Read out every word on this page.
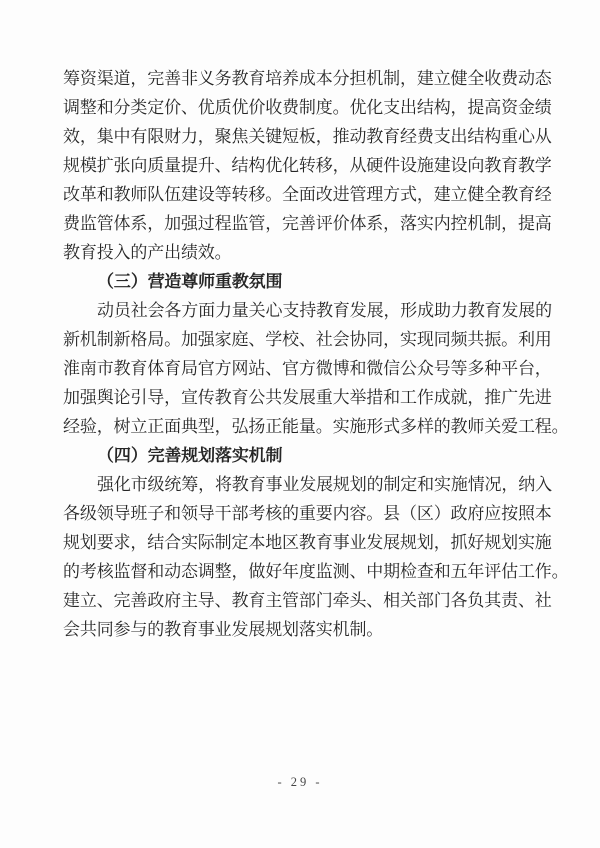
筹资渠道，完善非义务教育培养成本分担机制，建立健全收费动态
调整和分类定价、优质优价收费制度。优化支出结构，提高资金绩
效，集中有限财力，聚焦关键短板，推动教育经费支出结构重心从
规模扩张向质量提升、结构优化转移，从硬件设施建设向教育教学
改革和教师队伍建设等转移。全面改进管理方式，建立健全教育经
费监管体系，加强过程监管，完善评价体系，落实内控机制，提高
教育投入的产出绩效。
（三）营造尊师重教氛围
动员社会各方面力量关心支持教育发展，形成助力教育发展的
新机制新格局。加强家庭、学校、社会协同，实现同频共振。利用
淮南市教育体育局官方网站、官方微博和微信公众号等多种平台，
加强舆论引导，宣传教育公共发展重大举措和工作成就，推广先进
经验，树立正面典型，弘扬正能量。实施形式多样的教师关爱工程。
（四）完善规划落实机制
强化市级统筹，将教育事业发展规划的制定和实施情况，纳入
各级领导班子和领导干部考核的重要内容。县（区）政府应按照本
规划要求，结合实际制定本地区教育事业发展规划，抓好规划实施
的考核监督和动态调整，做好年度监测、中期检查和五年评估工作。
建立、完善政府主导、教育主管部门牵头、相关部门各负其责、社
会共同参与的教育事业发展规划落实机制。
- 29 -
